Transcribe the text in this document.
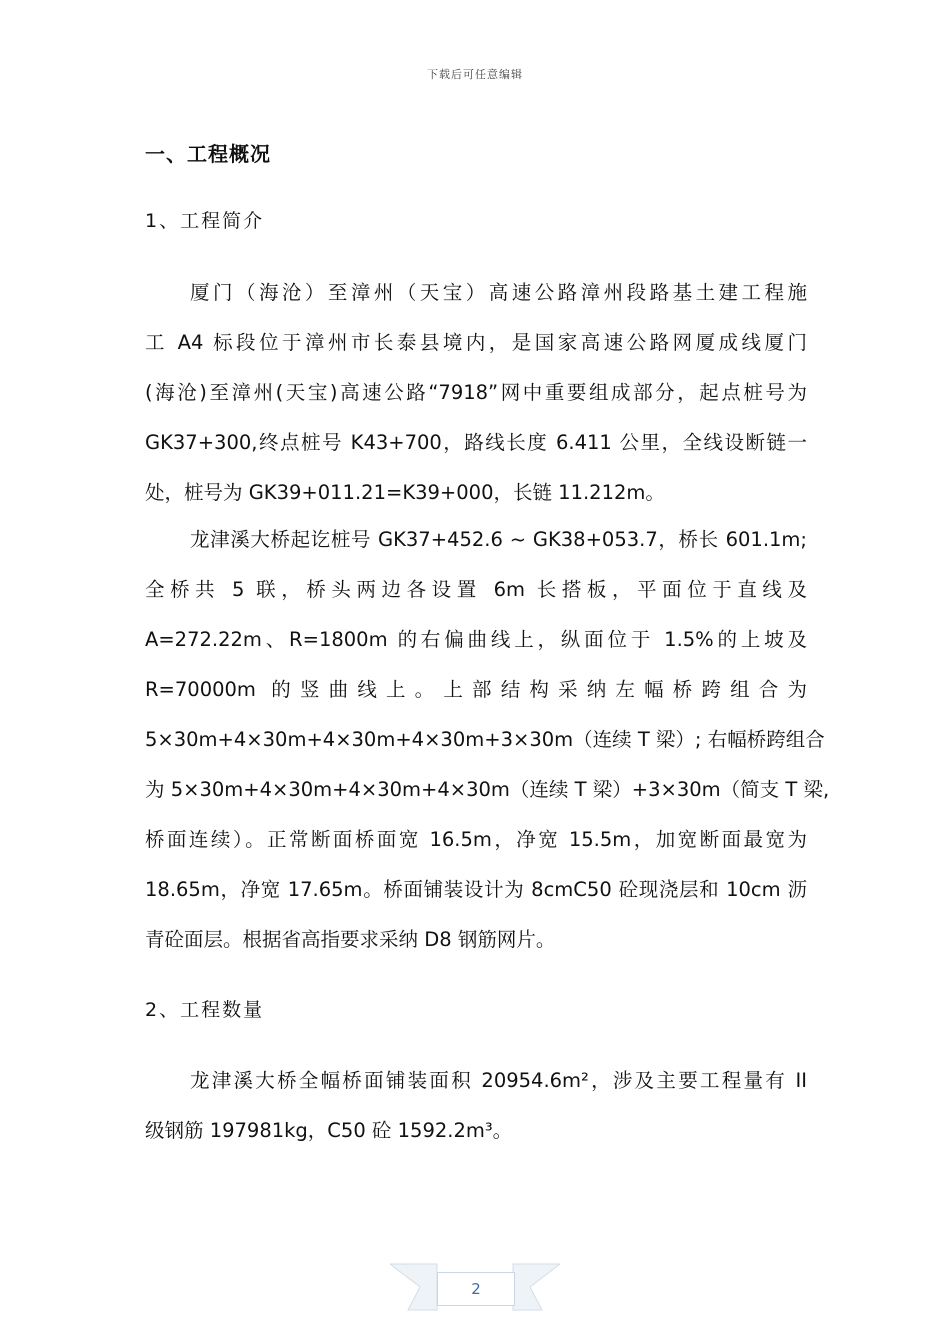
下载后可任意编辑
一、工程概况
1、工程简介
厦门（海沧）至漳州（天宝）高速公路漳州段路基土建工程施
工 A4 标段位于漳州市长泰县境内，是国家高速公路网厦成线厦门
(海沧)至漳州(天宝)高速公路“7918”网中重要组成部分，起点桩号为
GK37+300,终点桩号 K43+700，路线长度 6.411 公里，全线设断链一
处，桩号为 GK39+011.21=K39+000，长链 11.212m。
龙津溪大桥起讫桩号 GK37+452.6 ~ GK38+053.7，桥长 601.1m;
全桥共 5 联，桥头两边各设置 6m 长搭板，平面位于直线及
A=272.22m、R=1800m 的右偏曲线上，纵面位于 1.5%的上坡及
R=70000m 的竖曲线上。上部结构采纳左幅桥跨组合为
5×30m+4×30m+4×30m+4×30m+3×30m（连续 T 梁）; 右幅桥跨组合
为 5×30m+4×30m+4×30m+4×30m（连续 T 梁）+3×30m（简支 T 梁,
桥面连续）。正常断面桥面宽 16.5m，净宽 15.5m，加宽断面最宽为
18.65m，净宽 17.65m。桥面铺装设计为 8cmC50 砼现浇层和 10cm 沥
青砼面层。根据省高指要求采纳 D8 钢筋网片。
2、工程数量
龙津溪大桥全幅桥面铺装面积 20954.6m²，涉及主要工程量有 II
级钢筋 197981kg，C50 砼 1592.2m³。
2
